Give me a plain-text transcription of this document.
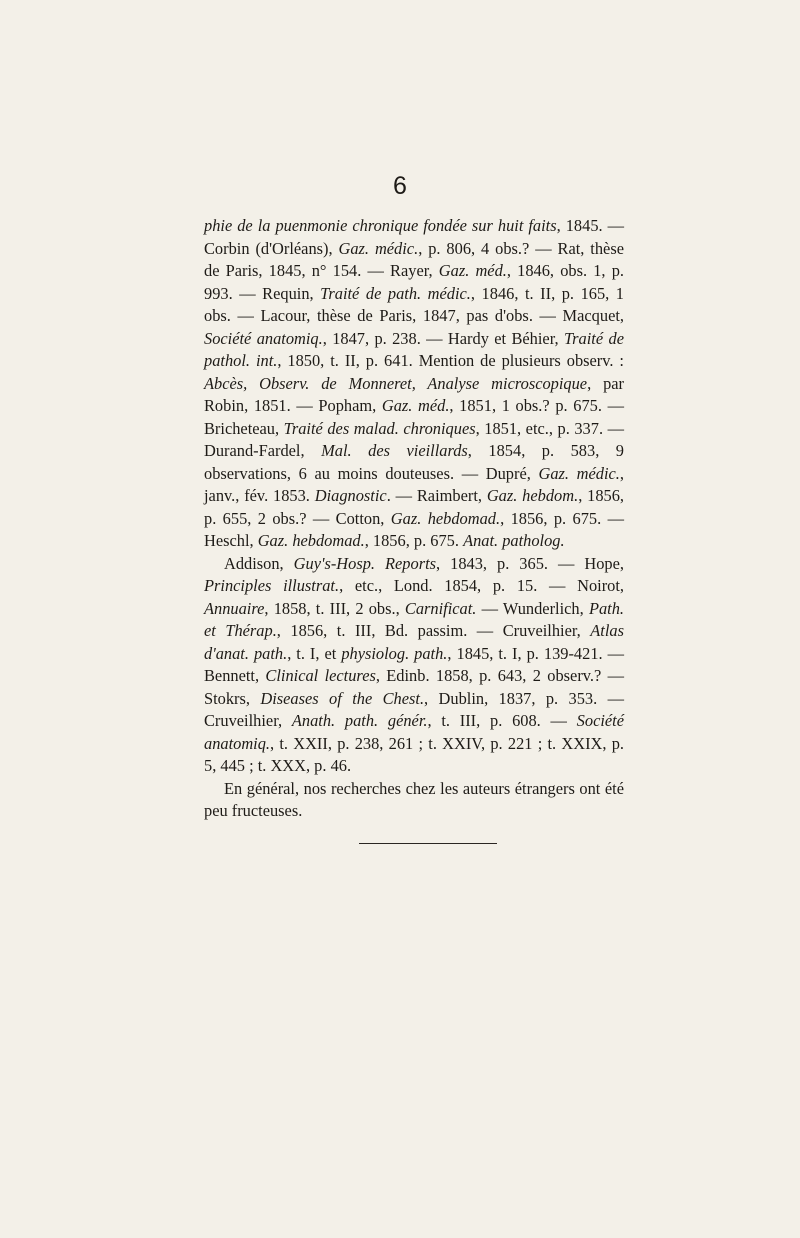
6

phie de la puenmonie chronique fondée sur huit faits, 1845. — Corbin (d'Orléans), Gaz. médic., p. 806, 4 obs.? — Rat, thèse de Paris, 1845, n° 154. — Rayer, Gaz. méd., 1846, obs. 1, p. 993. — Requin, Traité de path. médic., 1846, t. II, p. 165, 1 obs. — Lacour, thèse de Paris, 1847, pas d'obs. — Macquet, Société anatomiq., 1847, p. 238. — Hardy et Béhier, Traité de pathol. int., 1850, t. II, p. 641. Mention de plusieurs observ. : Abcès, Observ. de Monneret, Analyse microscopique, par Robin, 1851. — Popham, Gaz. méd., 1851, 1 obs.? p. 675. — Bricheteau, Traité des malad. chroniques, 1851, etc., p. 337. — Durand-Fardel, Mal. des vieillards, 1854, p. 583, 9 observations, 6 au moins douteuses. — Dupré, Gaz. médic., janv., fév. 1853. Diagnostic. — Raimbert, Gaz. hebdom., 1856, p. 655, 2 obs.? — Cotton, Gaz. hebdomad., 1856, p. 675. — Heschl, Gaz. hebdomad., 1856, p. 675. Anat. patholog.

Addison, Guy's-Hosp. Reports, 1843, p. 365. — Hope, Principles illustrat., etc., Lond. 1854, p. 15. — Noirot, Annuaire, 1858, t. III, 2 obs., Carnificat. — Wunderlich, Path. et Thérap., 1856, t. III, Bd. passim. — Cruveilhier, Atlas d'anat. path., t. I, et physiolog. path., 1845, t. I, p. 139-421. — Bennett, Clinical lectures, Edinb. 1858, p. 643, 2 observ.? — Stokrs, Diseases of the Chest., Dublin, 1837, p. 353. — Cruveilhier, Anath. path. génér., t. III, p. 608. — Société anatomiq., t. XXII, p. 238, 261 ; t. XXIV, p. 221 ; t. XXIX, p. 5, 445 ; t. XXX, p. 46.

En général, nos recherches chez les auteurs étrangers ont été peu fructeuses.
